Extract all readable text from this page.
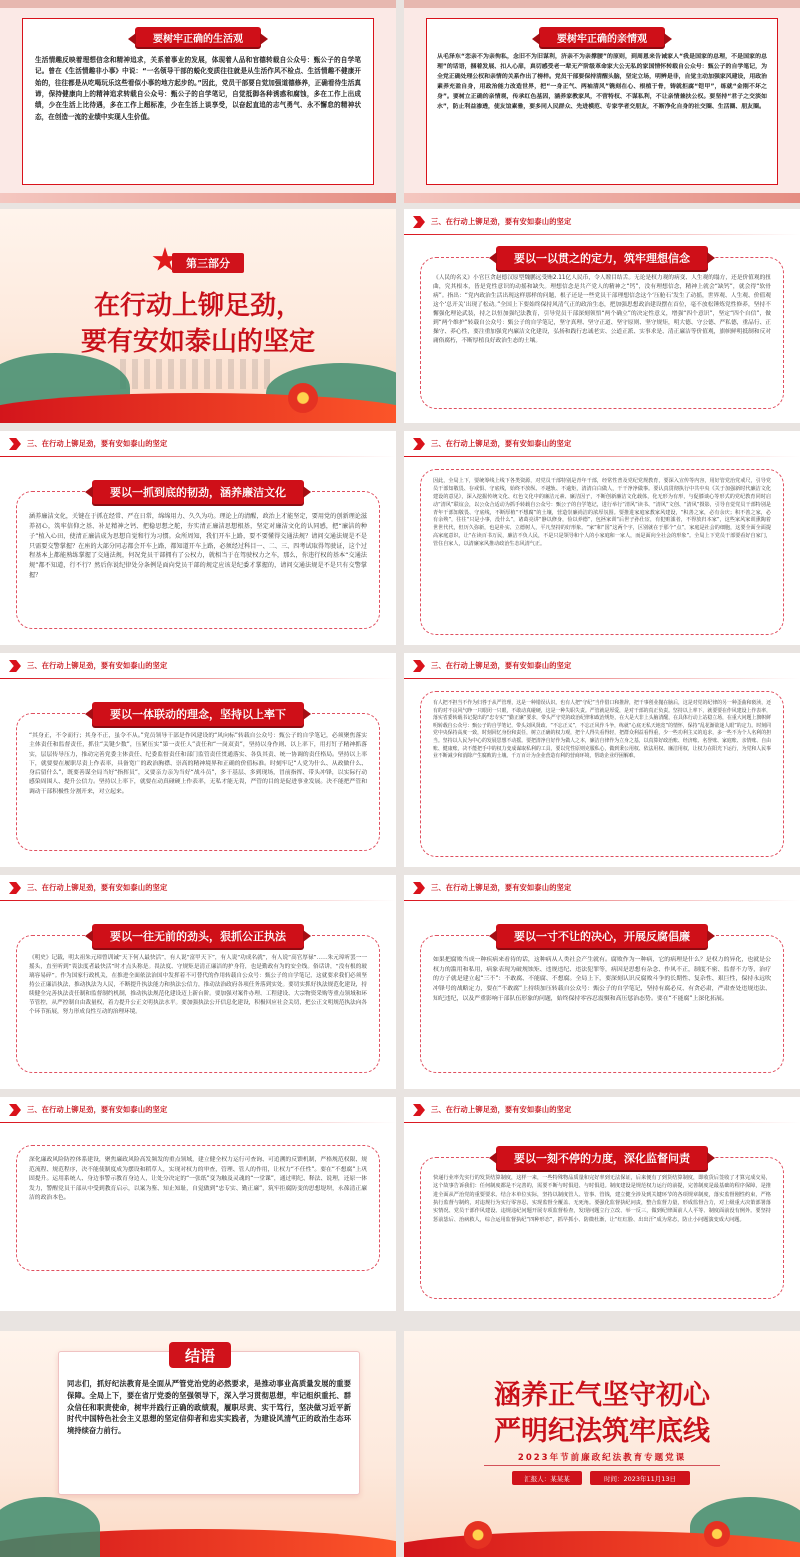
要树牢正确的生活观
生活情趣反映着理想信念和精神追求，关系着事业的发展，体现着人品和官德转载自公众号：甄公子的自学笔记。曾在《生活情趣非小事》中说：“一名领导干部的蜕化变质往往就是从生活作风不检点、生活情趣不健康开始的，往往都是从吃喝玩乐这些看似小事的地方起步的。”因此，党员干部要自觉加强道德修养，正确看待生活真谛，保持健康向上的精神追求转载自公众号：甄公子的自学笔记，自觉抵御各种诱惑和腐蚀，多在工作上出成绩，少在生活上比待遇，多在工作上超标准，少在生活上谈享受，以奋起直追的志气勇气、永不懈怠的精神状态，在创造一流的业绩中实现人生价值。
要树牢正确的亲情观
从毛泽东“恋亲不为亲徇私，念旧不为旧谋利，济亲不为亲撑腰”的原则，到周恩来告诫家人“我是国家的总理，不是国家的总理”的话语，捆着发展、扣人心扉，真切感受老一辈无产阶级革命家大公无私的家国情怀转载自公众号：甄公子的自学笔记，为全党正确处理公权和亲情的关系作出了榜样。党员干部要保持清醒头脑，坚定立场，明辨是非，自觉主动加强家风建设，用政治素养充盈自身，用政治能力改造世界，把“一身正气、两袖清风”镌刻在心、根植于骨，铸就拒腐“铠甲”，练就“金刚不坏之身”。要树立正确的亲情观，传承红色基因，涵养家教家风，不营特权、不谋私利，不让亲情兼扶公权。要坚持“君子之交淡如水”，防止利益渗透，使友谊素雅，要多同人民群众、先进模范、专家学者交朋友，不断净化自身的社交圈、生活圈、朋友圈。
第三部分
在行动上铆足劲，
要有安如泰山的坚定
三、在行动上铆足劲，要有安如泰山的坚定
要以一以贯之的定力，筑牢理想信念
《人民的名义》小官巨贪赵德汉原型魏鹏远受贿2.11亿人民币，令人瞠目结舌。无论是权力观的病变、人生观的塌方，还是价值观的扭曲，究其根本，皆是党性意识的动摇和缺失。理想信念是共产党人的精神之“钙”，没有理想信念，精神上就会“缺钙”，就会得“软骨病”。指出：“党内政治生活出现这样那样的问题，根子还是一些党员干部理想信念这个‘压舱石’发生了动摇，世界观、人生观、价值观这个‘总开关’出现了松动。”全国上下要始终保持风清气正的政治生态，把加强思想政治建设摆在首位，毫不放松锤炼党性修养，坚持不懈强化理论武装，持之以恒加强纪法教育，引导党员干部深刻领悟“两个确立”的决定性意义，增强“四个意识”，坚定“四个自信”，做到“两个维护”转载自公众号：甄公子的自学笔记，坚守真理、坚守正道、坚守原则、坚守规矩，明大德、守公德、严私德，重品行、正操守、养心性，要注重加强党内廉洁文化建设，弘扬和践行忠诚老实、公道正派、实事求是、清正廉洁等价值观，旗帜鲜明抵制和反对庸俗腐朽，不断厚植良好政治生态的土壤。
三、在行动上铆足劲，要有安如泰山的坚定
要以一抓到底的韧劲，涵养廉洁文化
涵养廉洁文化，关键在于抓在经常、严在日常，绵绵用力、久久为功。理论上的清醒，政治上才能坚定，要用党的创新理论滋养初心，筑牢信仰之基、补足精神之钙、把稳思想之舵，夯实清正廉洁思想根基，坚定对廉洁文化的认同感，把“廉洁的种子”植入心田，使清正廉洁成为思想自觉和行为习惯。众所周知，我们开车上路，要不要懂得交通法规？请问交通法规是不是只需要交警掌握？在座的大部分同志都会开车上路，都知道开车上路，必须经过科目一、二、三、四考试取得驾驶证，这个过程基本上都能熟练掌握了交通法规，何况党员干部拥有了公权力，就相当于在驾驶权力之车，那么，你违行权的基本“交通法规”都不知道，行不行？然后你说纪律处分条例是面向党员干部的规定应该是纪委才掌握的，请问交通法规是不是只有交警掌握？
三、在行动上铆足劲，要有安如泰山的坚定
因此，全局上下，要统筹线上线下各类资源，对党员干部特别是青年干部，经常性普及党纪党规教育，要深入宣传等内容，用好管党治党戒尺，引导党员干部知敬畏、存戒惧、守底线，始终不放纵、不越轨、不逾矩，清清白白做人，干干净净做事。要认真贯彻执行中共中央《关于加强新时代廉洁文化建设的意见》，深入挖掘传统文化、红色文化中的廉洁元素、廉洁因子，不断创新廉洁文化载体，化无形为有形，与促膝谈心等形式的党纪教育同时启动“清风”联谊会，以公众合适动为抓手转载自公众号：甄公子的自学笔记，进行举行“清风”读书、“清风”文创、“清风”摄影，引导自觉党员干部特别是青年干部知敬畏、守底线，不断厚植“不想腐”的土壤，营造崇廉尚洁的浓厚氛围。要推进家庭家教家风建设，“积善之家，必有余庆；积不善之家，必有余殃”，往往“只是小事，没什么”，诸葛亮讲“静以修身，俭以养德”，包拯家训“后世子孙仕宦，有犯赃滥者，不得放归本家”，这些家风家训熏陶着世世代代，但历久弥新，也是朴实、立德树人，平凡坚持的好形象。“家”和“国”这两个字，区别就在于那个“点”，家庭是社会的细胞，这要全面全面提高家庭意识，让“在读百书万民，廉洁不负人民，不是只是领导和个人的小家庭和一家人，而是面向全社会的形象”。全局上下党员干部要看好自家门，管住自家人，以清廉家风推动政治生态风清气正。
三、在行动上铆足劲，要有安如泰山的坚定
要以一体联动的理念，坚持以上率下
“其身正，不令而行；其身不正，虽令不从。”党员领导干部是作风建设的“风向标”转载自公众号：甄公子的自学笔记，必须聚焦落实主体责任和监督责任，抓住“关键少数”，压紧压实“第一责任人”责任和“一岗双责”，坚持以身作则、以上率下，用打钉子精神抓落实，层层传导压力，推动完善党委主体责任、纪委监督责任和部门监管责任贯通落实、各负其责、统一协调的责任格局。坚持以上率下，就要要在履职尽责上作表率，具备宽广的政治胸襟、崇高的精神境界和正确的价值标准。时刻牢记“人党为什么、从政做什么、身后留什么”，既要善谋全局当好“指挥员”，又要亲力亲为当好“战斗员”，多干基层、多到现场，冒前指挥、带头冲锋，以实际行动感染周围人、提升公信力。坚持以上率下，就要在动真碰硬上作表率，无私才能无畏，严管的目的是促进事业发展。决不能把严管和调动干部积极性分割开来，对立起来。
三、在行动上铆足劲，要有安如泰山的坚定
有人把不担当不作为归咎于从严管理，这是一种错误认识。也有人把“守纪”当作借口和推辞，把干事创业抛在脑后，这是对党的纪律的另一种歪曲和亵渎，还有的对不良风气睁一只眼闭一只眼，不敢动真碰硬，这是一种失职失责。严管就是厚爱，是对干部的真正负责。坚持以上率下，就要要在作风建设上作表率，落实省委转载书记提出的“忠专实”“勤正廉”要求，带头严守党的政治纪律和政治规矩，在大是大非上头脑清醒，在具体行动上站稳立场，在重大问题上旗帜鲜明转载自公众号：甄公子的自学笔记，带头刘风贤政、“不忘正义”，不忘正风作斗争，练就“心底无私天地宽”的情怀，保持“乱花渐欲迷人眼”的定力。时刻同党中央保持高度一致，时刻回忆身份和责任，树立正确的权力观，把个人得失看得轻，把群众利益看得重，少一些功利主义的追求，多一些不为个人名利的担当。坚持以人民为中心的发展思想不动摇。要把清净自好作为做人之本，廉洁自律作为立身之基，以真算好政治账、经济账、名誉账、家庭账、亲情账、自由账、健康账，决不能把手中的权力变成谋取私利的工具，要以党性原则克服私心，做到秉公用权、依法用权、廉洁用权，让权力在阳光下运行，为党和人民事业不断减少和消除产生腐败的土壤。千万百计为企业营造有利的营商环境，帮助企业纾困解难。
三、在行动上铆足劲，要有安如泰山的坚定
要以一往无前的劲头，狠抓公正执法
《明史》记载，明太祖朱元璋曾训诫“天下何人最快活”，有人说“富甲天下”，有人说“功成名就”，有人说“高官厚禄”……朱元璋听罢一一摇头，直至听到“畏法度者最快活”时才点头称是。畏法度、守规矩是清正廉洁的护身符，也是勤政有为的安全线。俗话讲，“没有根的玻璃容易碎”。作为国家行政机关，在推进全面依法治国中发挥着不可替代的作用转载自公众号：甄公子的自学笔记，这就要求我们必须坚持公正廉洁执法，推动执法为人民，不断提升执法能力和执法公信力，推动法治政府各项任务落到实处。要切实抓好执法规范化建设，持续健全完善执法责任制和监督制约机制，推动执法规范化建设迈上新台阶。要加强对案件办理、工程建设、大宗物资采购等重点领域和环节管控，从严控制自由裁量权，着力提升公正文明执法水平。要加强执法公开信息化建设，积极回应社会关切，把公正文明规范执法向各个环节拓展，努力形成良性互动的治理环境。
三、在行动上铆足劲，要有安如泰山的坚定
要以一寸不让的决心，开展反腐倡廉
如果把腐败当成一种疾病来看待的话，这种病从人类社会产生就有。腐败作为一种病，它的病理是什么？是权力的异化，也就是公权力的滥用和私用，病象表现为破规蚀矩、违规违纪、违法犯罪等，病因是思想有杂念、作风不正，制度不密、监督不力等，治疗的方子就是建立起“三不”：不敢腐、不能腐、不想腐。全局上下，要深刻认识反腐败斗争的长期性、复杂性、艰巨性，保持永远吹冲锋号的战略定力，要在“不敢腐”上持续加压转载自公众号：甄公子的自学笔记，坚持有腐必反、有贪必肃，严肃查处违规违法、知纪违纪，以及严重影响干部队伍形象的问题，始终保持零容忍震慑和高压惩治态势。要在“不能腐”上深化拓展。
三、在行动上铆足劲，要有安如泰山的坚定
深化廉政风险防控体系建设，聚焦廉政风险高发频发的重点领域，建立健全权力运行可查询、可追溯的反馈机制，严格规范权限、规范流程、规范程序，决不能使制度成为摆设和稻草人，实现对权力的审查，管理、管人的作用，让权力“不任性”。要在“不想腐”上巩固提升。运用系统人、身边事警示教育身边人，让处分决定的“一张纸”变为触及灵魂的“一堂课”，通过明纪、释法、说理，还原一体发力，警醒党员干部从中受到教育启示，以案为鉴、知止知耻，自觉做到“忠专实、勤正廉”，筑牢拒腐防变的思想堤坝，永葆清正廉洁的政治本色。
三、在行动上铆足劲，要有安如泰山的坚定
要以一刻不停的力度，深化监督问责
快递行业率先实行的发货结算制度，这样一来，一些特殊物品质量和完好率到无法保证，后来便有了到货结算制度，即收货后签收了才算完成交易，这个故事告诉我们：任何制度都是不完善的，需要不断与时俱进、与时俱进。制度建设是规范权力运行的前提，完善制度是最基础的程序保障，是推进全面从严治党的重要要求。结合本单位实际，坚持以制度管人、管事、管钱，建立健全涉及到关键环节的各项规章制度，落实监督刚性约束，严格执行监督与制约，对违规行为实行零容忍，实现监督全覆盖、无死角。要强化监督执纪问责，整合监督力量，形成监督合力，对上级重大决策部署落实情况、党员干部作风建设、违规违纪问题开展专项监督检查，发现问题立行立改、举一反三，做到纪律面前人人平等、制度面前没有例外。要坚持惩前毖后、治病救人，综合运用监督执纪“四种形态”，抓早抓小、防微杜渐，让“红红脸、出出汗”成为常态，防止小问题演变成大问题。
结语
同志们，抓好纪法教育是全面从严管党治党的必然要求，是推动事业高质量发展的重要保障。全局上下，要在省厅党委的坚强领导下，深入学习贯彻思想，牢记组织重托、群众信任和职责使命，树牢并践行正确的政绩观，履职尽责、实干笃行，坚决做习近平新时代中国特色社会主义思想的坚定信仰者和忠实实践者，为建设风清气正的政治生态环境持续奋力前行。
涵养正气坚守初心
严明纪法筑牢底线
2023年节前廉政纪法教育专题党课
汇报人：某某某	时间：2023年11月13日
